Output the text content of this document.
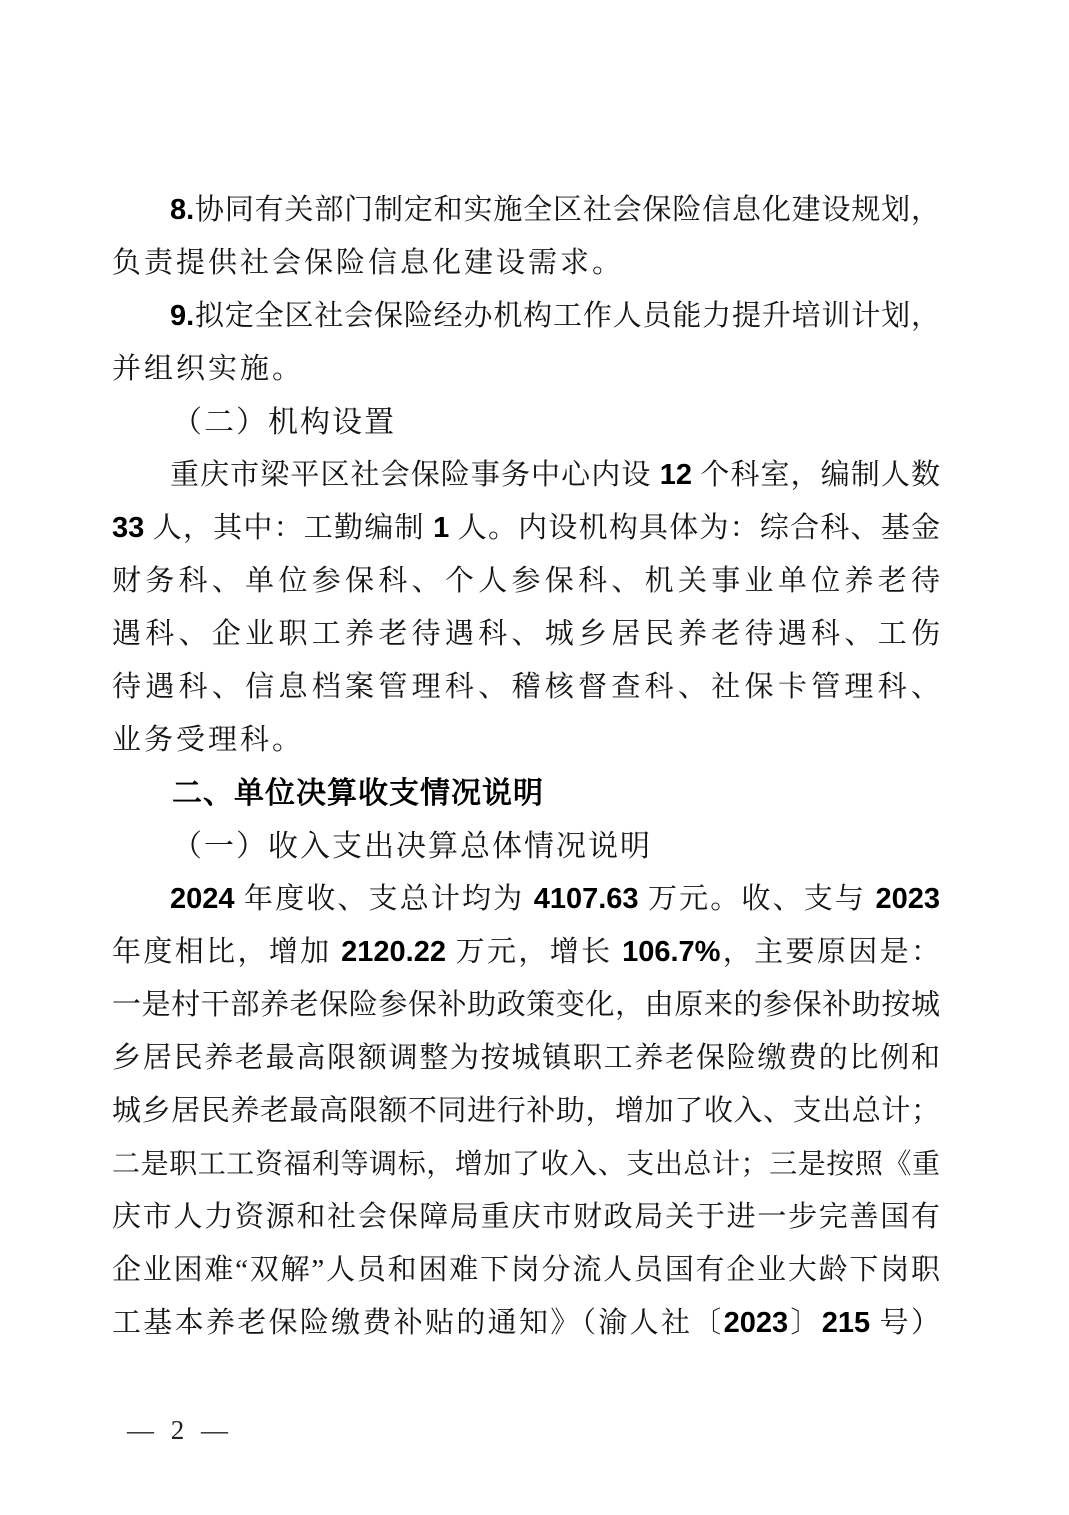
8.协同有关部门制定和实施全区社会保险信息化建设规划，
负责提供社会保险信息化建设需求。
9.拟定全区社会保险经办机构工作人员能力提升培训计划，
并组织实施。
（二）机构设置
重庆市梁平区社会保险事务中心内设 12 个科室，编制人数
33 人，其中：工勤编制 1 人。内设机构具体为：综合科、基金
财务科、单位参保科、个人参保科、机关事业单位养老待
遇科、企业职工养老待遇科、城乡居民养老待遇科、工伤
待遇科、信息档案管理科、稽核督查科、社保卡管理科、
业务受理科。
二、单位决算收支情况说明
（一）收入支出决算总体情况说明
2024 年度收、支总计均为 4107.63 万元。收、支与 2023
年度相比，增加 2120.22 万元，增长 106.7%，主要原因是：
一是村干部养老保险参保补助政策变化，由原来的参保补助按城
乡居民养老最高限额调整为按城镇职工养老保险缴费的比例和
城乡居民养老最高限额不同进行补助，增加了收入、支出总计；
二是职工工资福利等调标，增加了收入、支出总计；三是按照《重
庆市人力资源和社会保障局重庆市财政局关于进一步完善国有
企业困难“双解”人员和困难下岗分流人员国有企业大龄下岗职
工基本养老保险缴费补贴的通知》（渝人社〔2023〕215 号）
— 2 —
